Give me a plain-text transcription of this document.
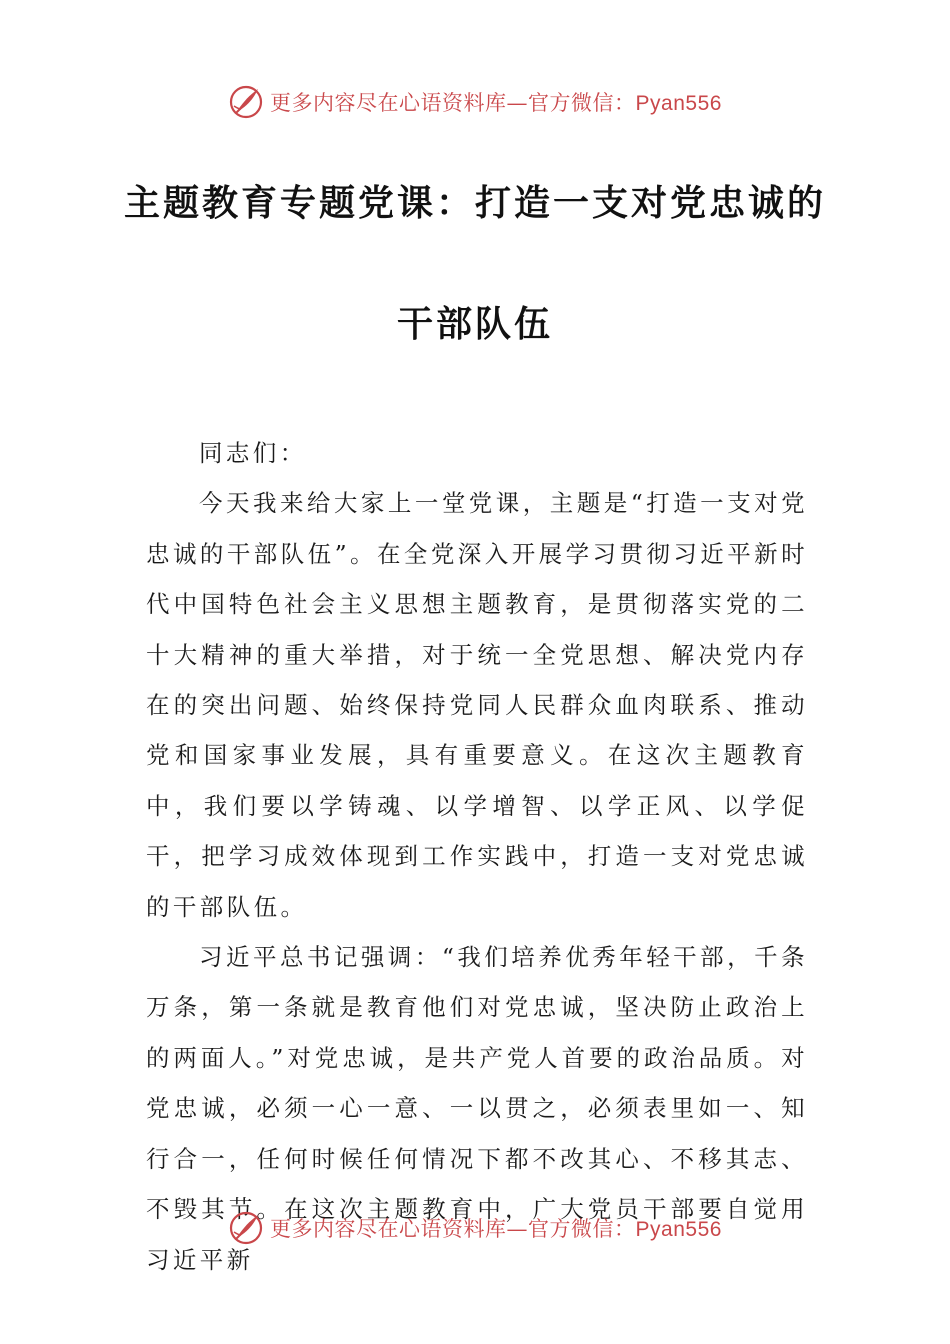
更多内容尽在心语资料库—官方微信：Pyan556
主题教育专题党课：打造一支对党忠诚的
干部队伍

同志们：

今天我来给大家上一堂党课，主题是“打造一支对党忠诚的干部队伍”。在全党深入开展学习贯彻习近平新时代中国特色社会主义思想主题教育，是贯彻落实党的二十大精神的重大举措，对于统一全党思想、解决党内存在的突出问题、始终保持党同人民群众血肉联系、推动党和国家事业发展，具有重要意义。在这次主题教育中，我们要以学铸魂、以学增智、以学正风、以学促干，把学习成效体现到工作实践中，打造一支对党忠诚的干部队伍。

习近平总书记强调：“我们培养优秀年轻干部，千条万条，第一条就是教育他们对党忠诚，坚决防止政治上的两面人。”对党忠诚，是共产党人首要的政治品质。对党忠诚，必须一心一意、一以贯之，必须表里如一、知行合一，任何时候任何情况下都不改其心、不移其志、不毁其节。在这次主题教育中，广大党员干部要自觉用习近平新

更多内容尽在心语资料库—官方微信：Pyan556
